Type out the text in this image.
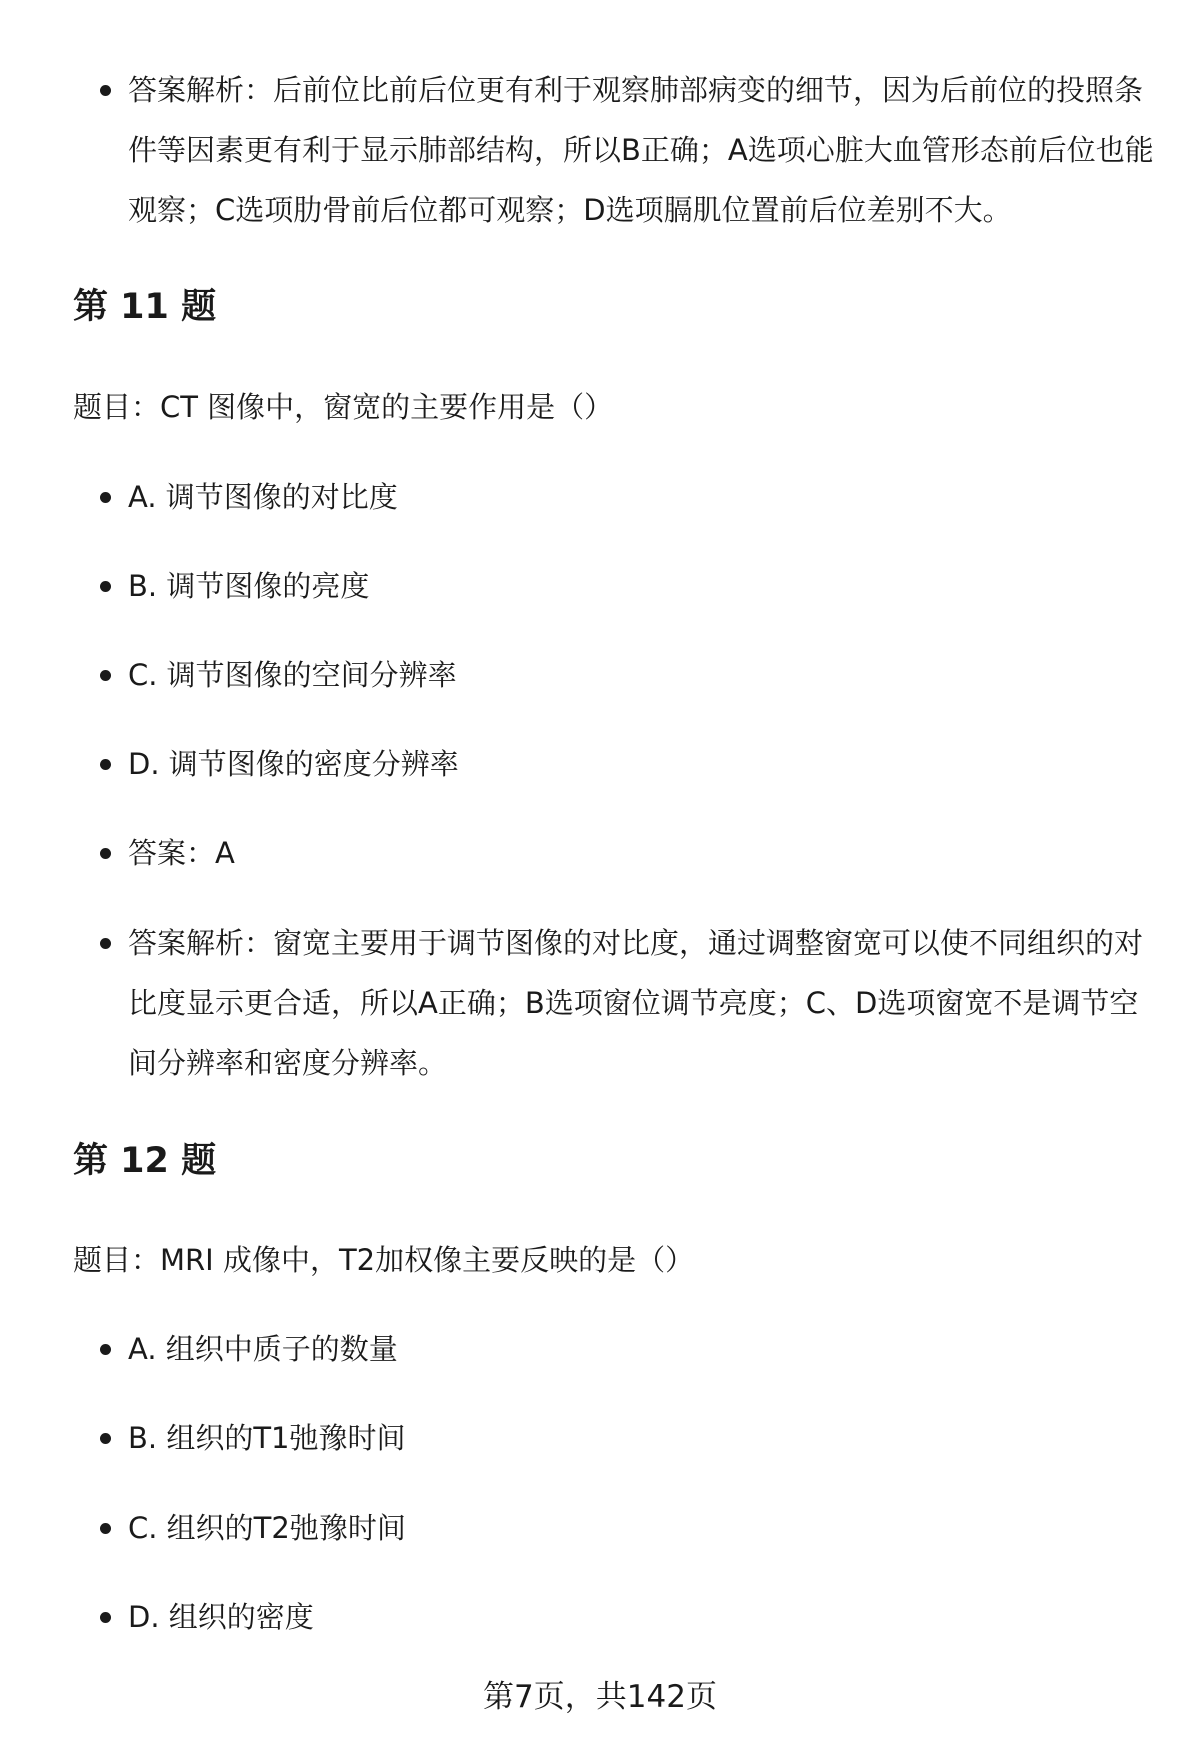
答案解析：后前位比前后位更有利于观察肺部病变的细节，因为后前位的投照条件等因素更有利于显示肺部结构，所以B正确；A选项心脏大血管形态前后位也能观察；C选项肋骨前后位都可观察；D选项膈肌位置前后位差别不大。
第 11 题
题目：CT 图像中，窗宽的主要作用是（）
A. 调节图像的对比度
B. 调节图像的亮度
C. 调节图像的空间分辨率
D. 调节图像的密度分辨率
答案：A
答案解析：窗宽主要用于调节图像的对比度，通过调整窗宽可以使不同组织的对比度显示更合适，所以A正确；B选项窗位调节亮度；C、D选项窗宽不是调节空间分辨率和密度分辨率。
第 12 题
题目：MRI 成像中，T2加权像主要反映的是（）
A. 组织中质子的数量
B. 组织的T1弛豫时间
C. 组织的T2弛豫时间
D. 组织的密度
第7页，共142页
